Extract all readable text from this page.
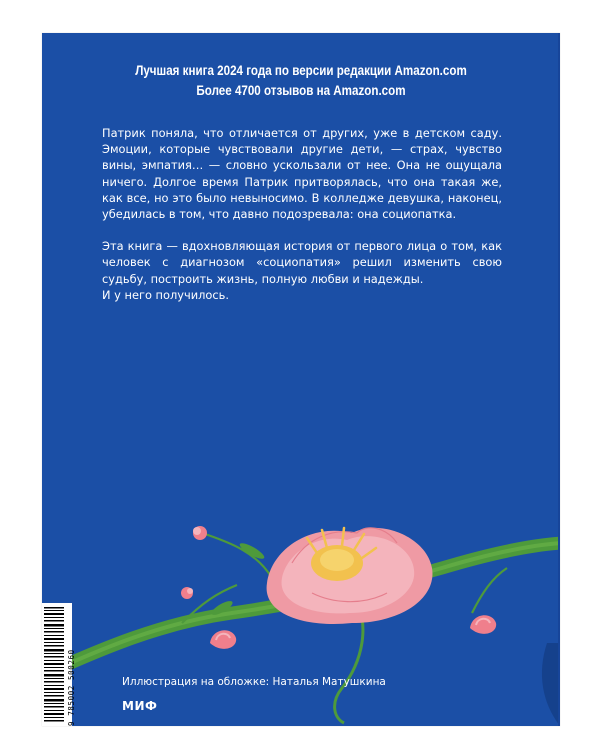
Лучшая книга 2024 года по версии редакции Amazon.com
Более 4700 отзывов на Amazon.com

Патрик поняла, что отличается от других, уже в детском саду. Эмоции, которые чувствовали другие дети, — страх, чувство вины, эмпатия… — словно ускользали от нее. Она не ощущала ничего. Долгое время Патрик притворялась, что она такая же, как все, но это было невыносимо. В колледже девушка, наконец, убедилась в том, что давно подозревала: она социопатка.

Эта книга — вдохновляющая история от первого лица о том, как человек с диагнозом «социопатия» решил изменить свою судьбу, построить жизнь, полную любви и надежды.

И у него получилось.

9 785002 500260	Иллюстрация на обложке: Наталья Матушкина
МИФ
